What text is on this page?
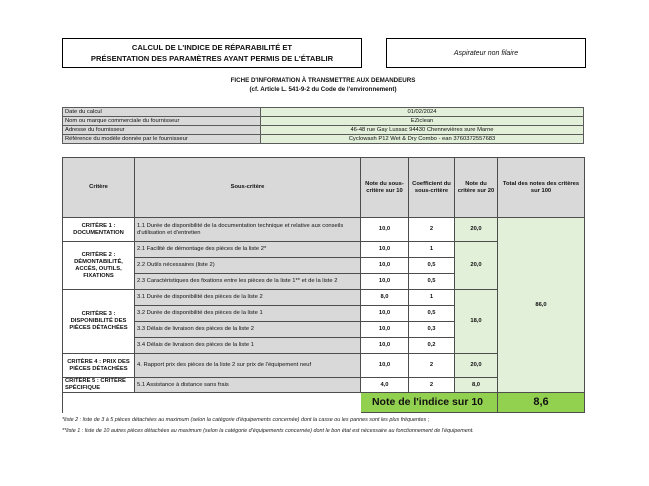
CALCUL DE L'INDICE DE RÉPARABILITÉ ET
PRÉSENTATION DES PARAMÈTRES AYANT PERMIS DE L'ÉTABLIR
Aspirateur non filaire
FICHE D'INFORMATION À TRANSMETTRE AUX DEMANDEURS
(cf. Article L. 541-9-2 du Code de l'environnement)
Date du calcul	01/02/2024
Nom ou marque commerciale du fournisseur	EZiclean
Adresse du fournisseur	46-48 rue Gay Lussac 94430 Chennevières sure Marne
Référence du modèle donnée par le fournisseur	Cyclowash P12 Wet & Dry Combo - ean 3760372557683
Critère	Sous-critère	Note du sous-critère sur 10	Coefficient du sous-critère	Note du critère sur 20	Total des notes des critères sur 100
CRITÈRE 1 : DOCUMENTATION	1.1 Durée de disponibilité de la documentation technique et relative aux conseils d'utilisation et d'entretien	10,0	2	20,0	86,0
CRITÈRE 2 : DÉMONTABILITÉ, ACCÈS, OUTILS, FIXATIONS	2.1 Facilité de démontage des pièces de la liste 2*	10,0	1	20,0	
	2.2 Outils nécessaires (liste 2)	10,0	0,5		
	2.3 Caractéristiques des fixations entre les pièces de la liste 1** et de la liste 2	10,0	0,5		
CRITÈRE 3 : DISPONIBILITÉ DES PIÈCES DÉTACHÉES	3.1 Durée de disponibilité des pièces de la liste 2	8,0	1	18,0	
	3.2 Durée de disponibilité des pièces de la liste 1	10,0	0,5		
	3.3 Délais de livraison des pièces de la liste 2	10,0	0,3		
	3.4 Délais de livraison des pièces de la liste 1	10,0	0,2		
CRITÈRE 4 : PRIX DES PIÈCES DÉTACHÉES	4. Rapport prix des pièces de la liste 2 sur prix de l'équipement neuf	10,0	2	20,0	
CRITÈRE 5 : CRITÈRE SPÉCIFIQUE	5.1 Assistance à distance sans frais	4,0	2	8,0	
		Note de l'indice sur 10			8,6
*liste 2 : liste de 3 à 5 pièces détachées au maximum (selon la catégorie d'équipements concernée) dont la casse ou les pannes sont les plus fréquentes ;
**liste 1 : liste de 10 autres pièces détachées au maximum (selon la catégorie d'équipements concernée) dont le bon état est nécessaire au fonctionnement de l'équipement.
